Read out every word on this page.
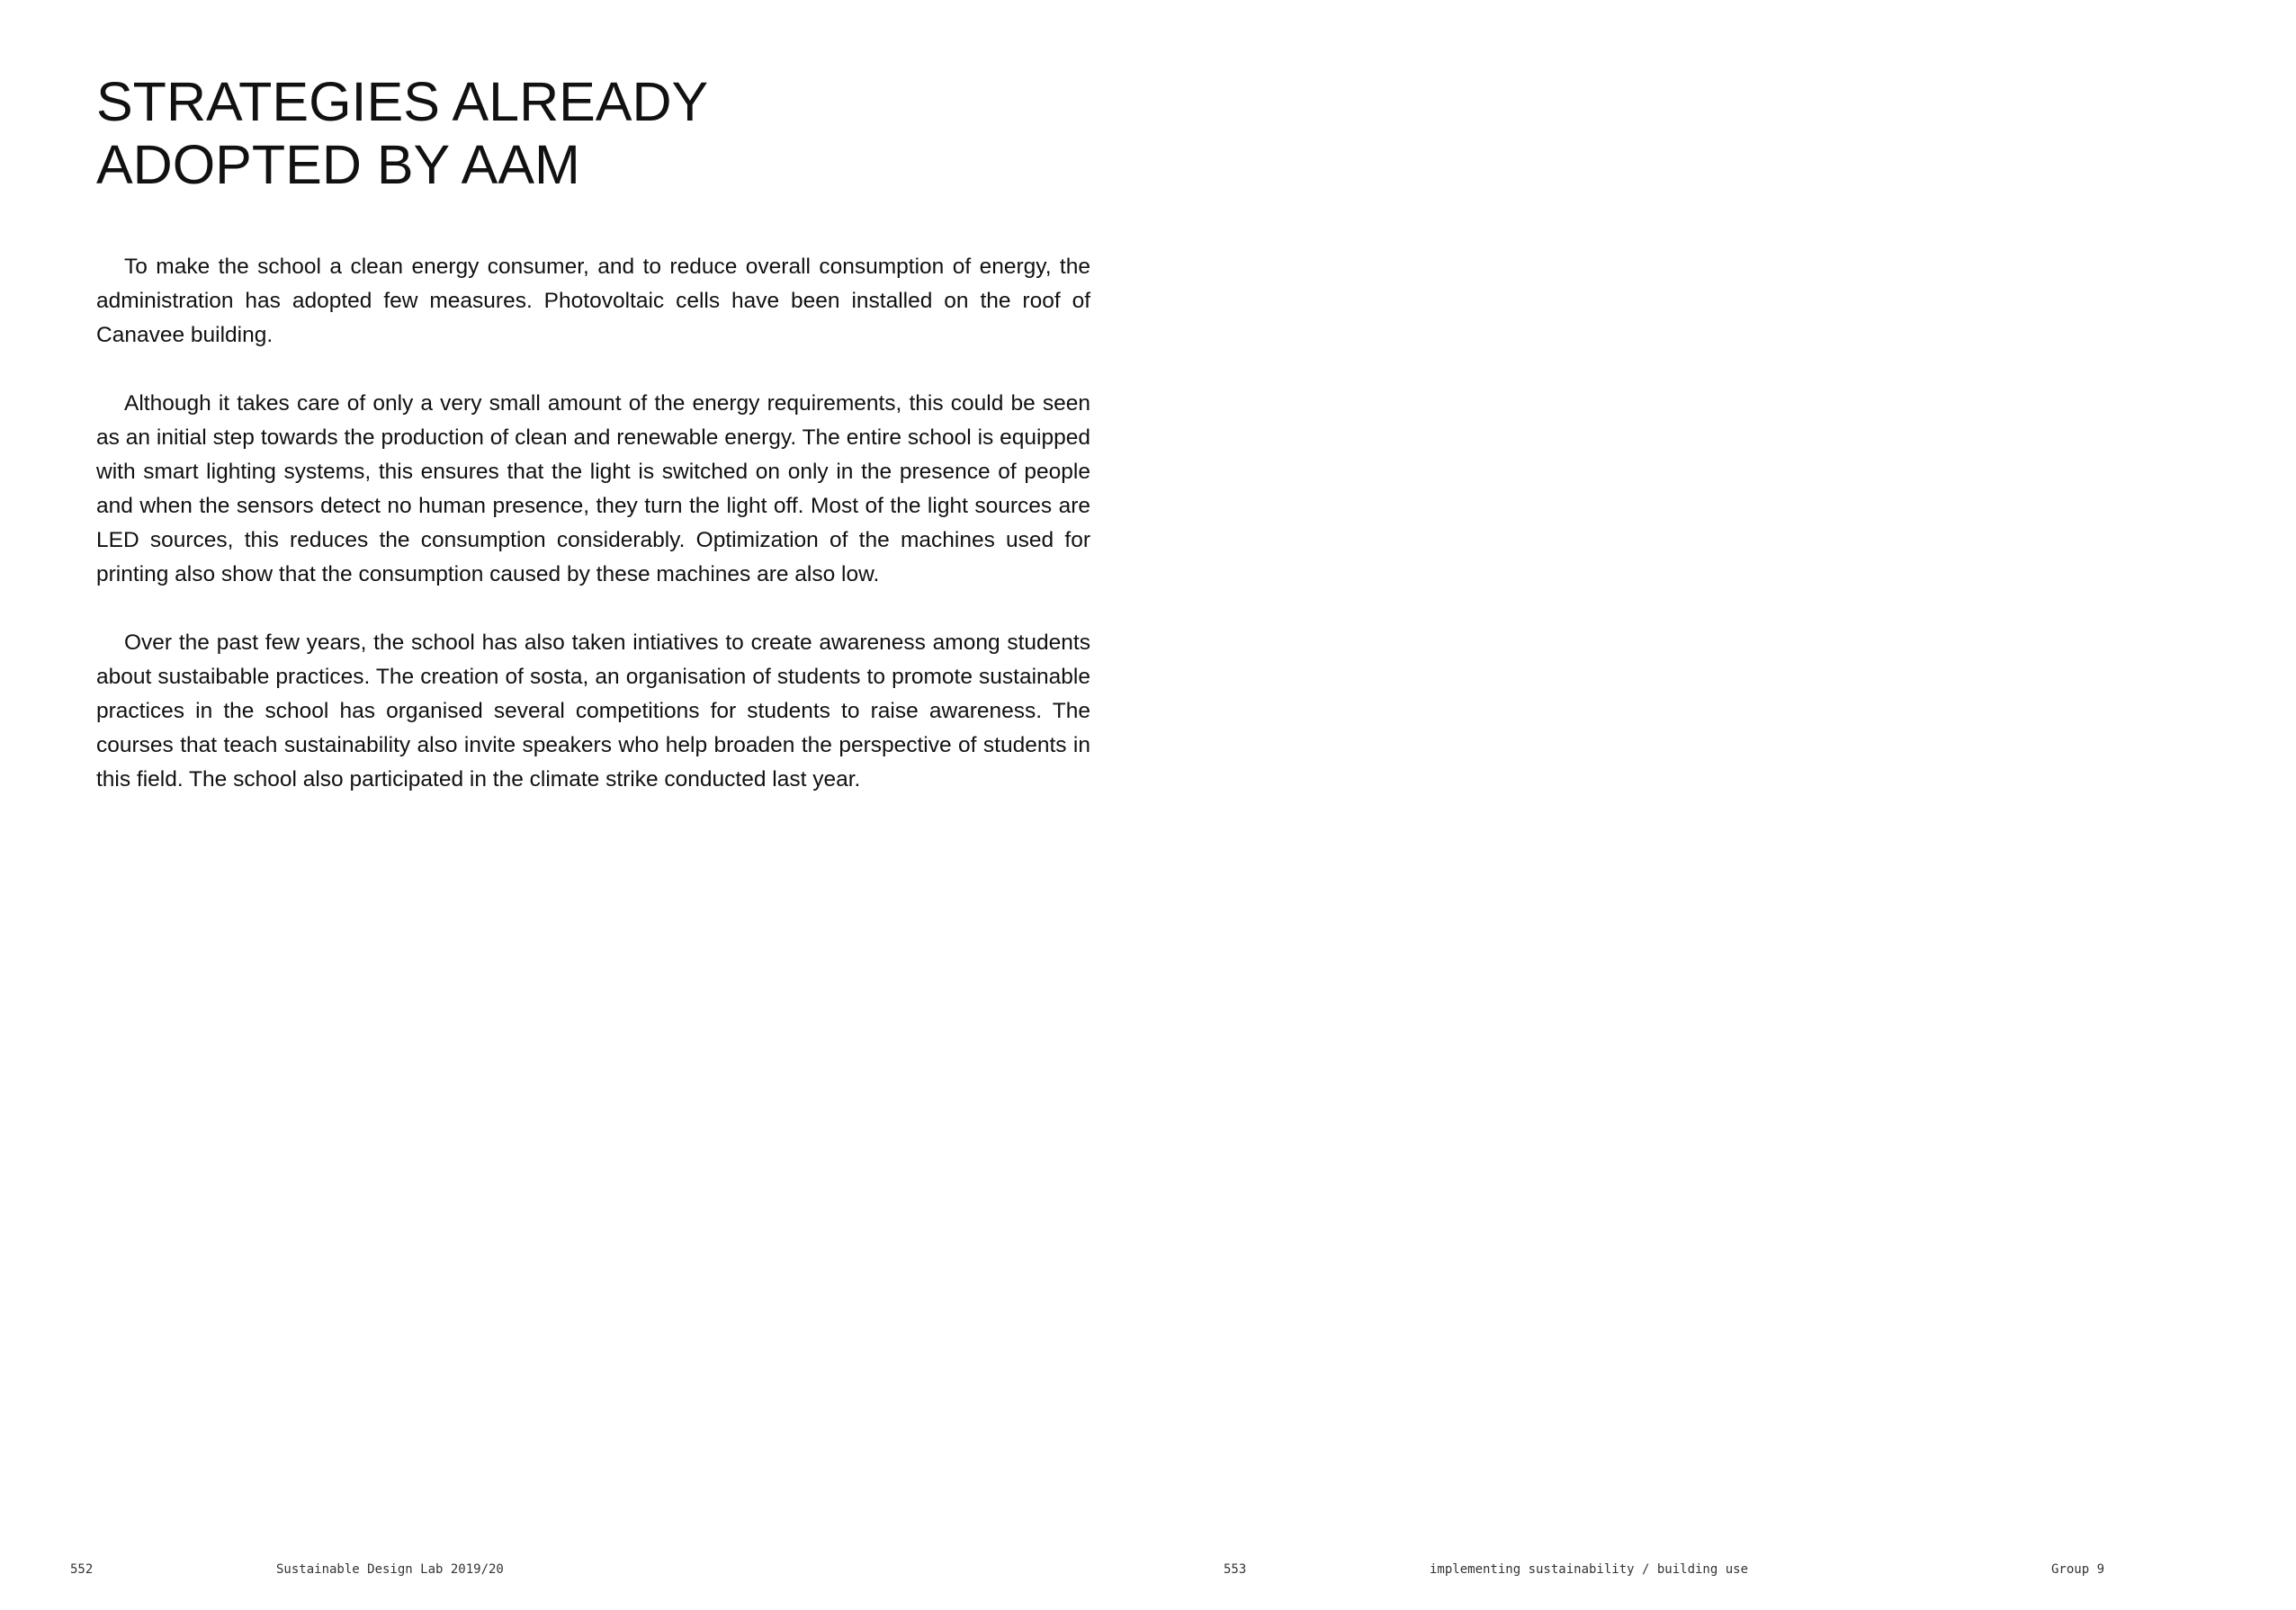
STRATEGIES ALREADY
ADOPTED BY AAM

To make the school a clean energy consumer, and to reduce overall consumption of energy, the administration has adopted few measures. Photovoltaic cells have been installed on the roof of Canavee building.

Although it takes care of only a very small amount of the energy requirements, this could be seen as an initial step towards the production of clean and renewable energy. The entire school is equipped with smart lighting systems, this ensures that the light is switched on only in the presence of people and when the sensors detect no human presence, they turn the light off. Most of the light sources are LED sources, this reduces the consumption considerably. Optimization of the machines used for printing also show that the consumption caused by these machines are also low.

Over the past few years, the school has also taken intiatives to create awareness among students about sustaibable practices. The creation of sosta, an organisation of students to promote sustainable practices in the school has organised several competitions for students to raise awareness. The courses that teach sustainability also invite speakers who help broaden the perspective of students in this field. The school also participated in the climate strike conducted last year.

552	Sustainable Design Lab 2019/20	553	implementing sustainability / building use	Group 9
